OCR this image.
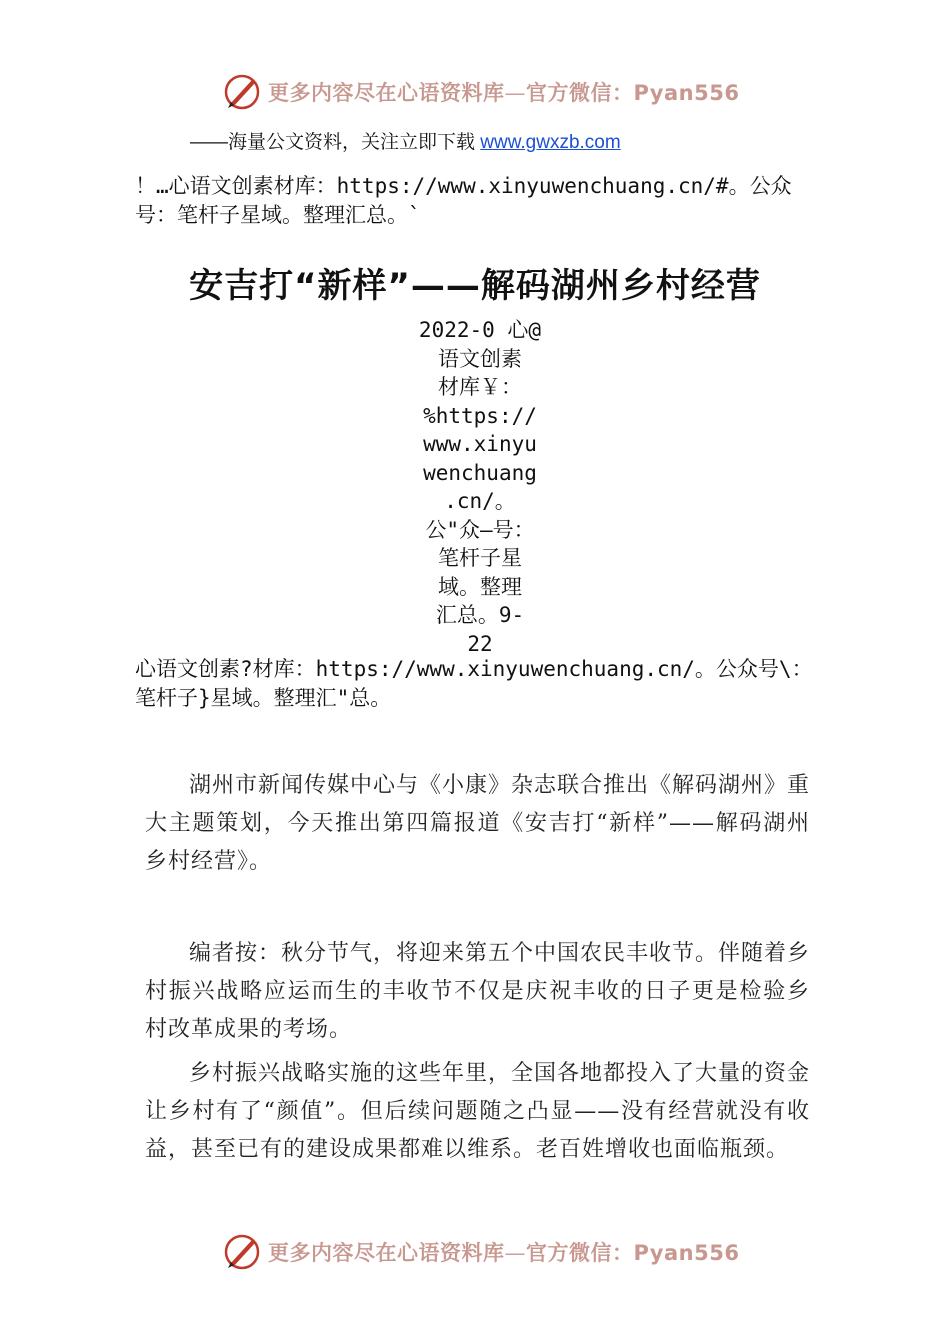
更多内容尽在心语资料库—官方微信：Pyan556
——海量公文资料，关注立即下载 www.gwxzb.com
！…心语文创素材库：https://www.xinyuwenchuang.cn/#。公众号：笔杆子星域。整理汇总。`
安吉打“新样”——解码湖州乡村经营
2022-0 心@
语文创素
材库￥：
%https://
www.xinyu
wenchuang
.cn/。
公"众—号：
笔杆子星
域。整理
汇总。9-
22
心语文创素?材库：https://www.xinyuwenchuang.cn/。公众号\：笔杆子}星域。整理汇"总。

湖州市新闻传媒中心与《小康》杂志联合推出《解码湖州》重大主题策划，今天推出第四篇报道《安吉打“新样”——解码湖州乡村经营》。

编者按：秋分节气，将迎来第五个中国农民丰收节。伴随着乡村振兴战略应运而生的丰收节不仅是庆祝丰收的日子更是检验乡村改革成果的考场。

乡村振兴战略实施的这些年里，全国各地都投入了大量的资金让乡村有了“颜值”。但后续问题随之凸显——没有经营就没有收益，甚至已有的建设成果都难以维系。老百姓增收也面临瓶颈。

更多内容尽在心语资料库—官方微信：Pyan556
